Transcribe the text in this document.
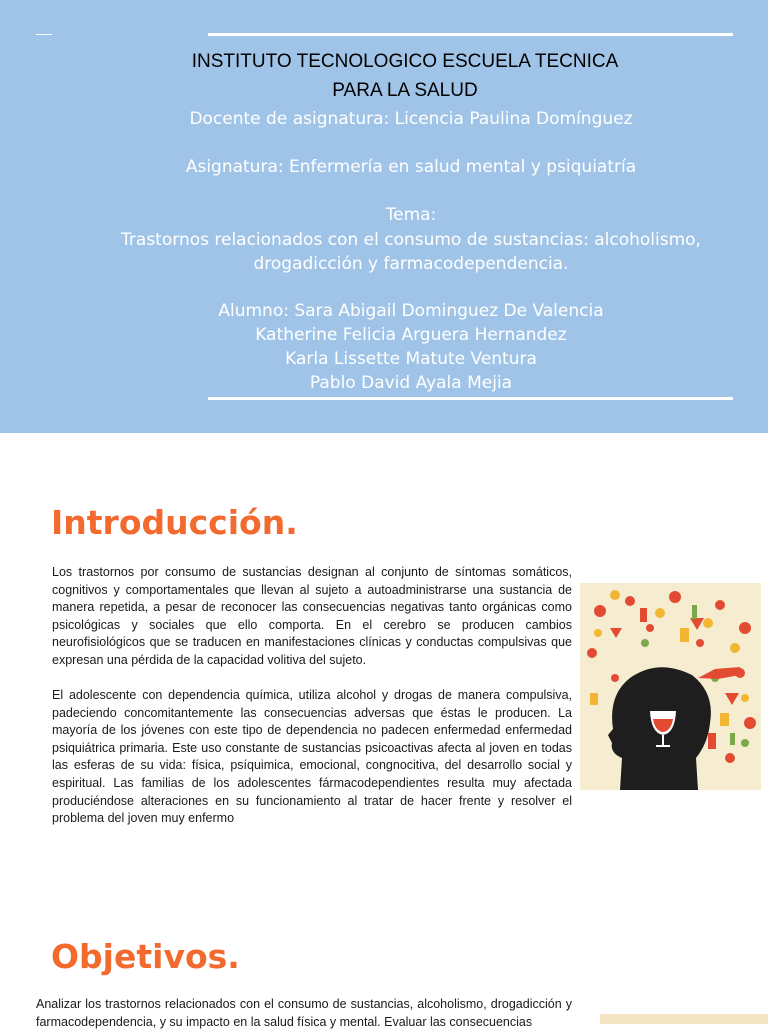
INSTITUTO TECNOLOGICO ESCUELA TECNICA
PARA LA SALUD
Docente de asignatura: Licencia Paulina Domínguez
Asignatura: Enfermería en salud mental y psiquiatría
Tema:
Trastornos relacionados con el consumo de sustancias: alcoholismo,
drogadicción y farmacodependencia.
Alumno: Sara Abigail Dominguez De Valencia
Katherine Felicia Arguera Hernandez
Karla Lissette Matute Ventura
Pablo David Ayala Mejia
Introducción.

Los trastornos por consumo de sustancias designan al conjunto de síntomas somáticos, cognitivos y comportamentales que llevan al sujeto a autoadministrarse una sustancia de manera repetida, a pesar de reconocer las consecuencias negativas tanto orgánicas como psicológicas y sociales que ello comporta. En el cerebro se producen cambios neurofisiológicos que se traducen en manifestaciones clínicas y conductas compulsivas que expresan una pérdida de la capacidad volitiva del sujeto.

El adolescente con dependencia química, utiliza alcohol y drogas de manera compulsiva, padeciendo concomitantemente las consecuencias adversas que éstas le producen. La mayoría de los jóvenes con este tipo de dependencia no padecen enfermedad enfermedad psiquiátrica primaria. Este uso constante de sustancias psicoactivas afecta al joven en todas las esferas de su vida: física, psíquimica, emocional, congnocitiva, del desarrollo social y espiritual. Las familias de los adolescentes fármacodependientes resulta muy afectada produciéndose alteraciones en su funcionamiento al tratar de hacer frente y resolver el problema del joven muy enfermo

Objetivos.

Analizar los trastornos relacionados con el consumo de sustancias, alcoholismo, drogadicción y farmacodependencia, y su impacto en la salud física y mental. Evaluar las consecuencias
